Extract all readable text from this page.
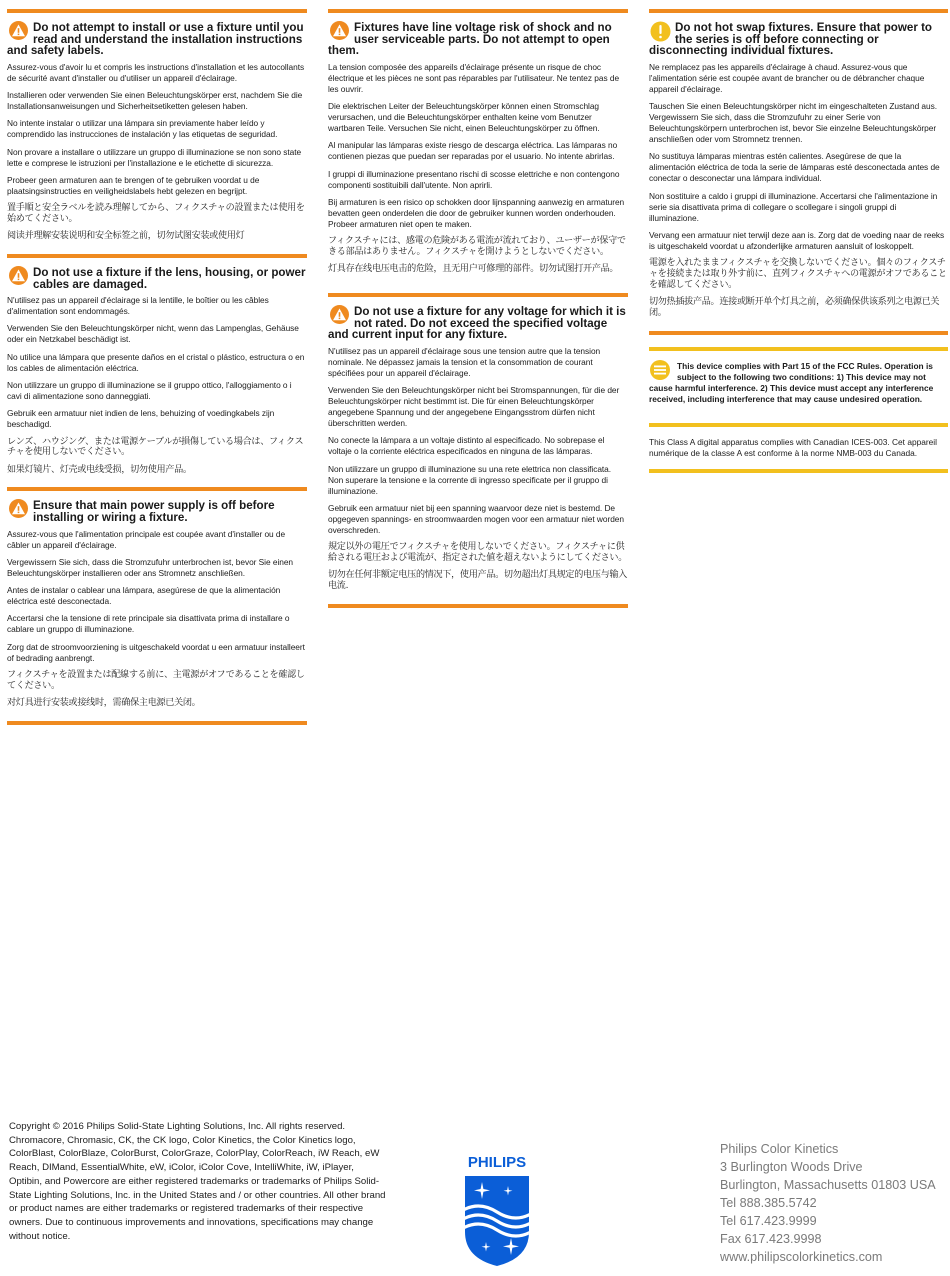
Do not attempt to install or use a fixture until you read and understand the installation instructions and safety labels.
Assurez-vous d'avoir lu et compris les instructions d'installation et les autocollants de sécurité avant d'installer ou d'utiliser un appareil d'éclairage.
Installieren oder verwenden Sie einen Beleuchtungskörper erst, nachdem Sie die Installationsanweisungen und Sicherheitsetiketten gelesen haben.
No intente instalar o utilizar una lámpara sin previamente haber leído y comprendido las instrucciones de instalación y las etiquetas de seguridad.
Non provare a installare o utilizzare un gruppo di illuminazione se non sono state lette e comprese le istruzioni per l'installazione e le etichette di sicurezza.
Probeer geen armaturen aan te brengen of te gebruiken voordat u de plaatsingsinstructies en veiligheidslabels hebt gelezen en begrijpt.
置手順と安全ラベルを読み理解してから、フィクスチャの設置または使用を始めてください。
阅读并理解安装说明和安全标签之前，切勿试图安装或使用灯
Do not use a fixture if the lens, housing, or power cables are damaged.
N'utilisez pas un appareil d'éclairage si la lentille, le boîtier ou les câbles d'alimentation sont endommagés.
Verwenden Sie den Beleuchtungskörper nicht, wenn das Lampenglas, Gehäuse oder ein Netzkabel beschädigt ist.
No utilice una lámpara que presente daños en el cristal o plástico, estructura o en los cables de alimentación eléctrica.
Non utilizzare un gruppo di illuminazione se il gruppo ottico, l'alloggiamento o i cavi di alimentazione sono danneggiati.
Gebruik een armatuur niet indien de lens, behuizing of voedingkabels zijn beschadigd.
レンズ、ハウジング、または電源ケーブルが損傷している場合は、フィクスチャを使用しないでください。
如果灯镜片、灯壳或电线受损，切勿使用产品。
Ensure that main power supply is off before installing or wiring a fixture.
Assurez-vous que l'alimentation principale est coupée avant d'installer ou de câbler un appareil d'éclairage.
Vergewissern Sie sich, dass die Stromzufuhr unterbrochen ist, bevor Sie einen Beleuchtungskörper installieren oder ans Stromnetz anschließen.
Antes de instalar o cablear una lámpara, asegúrese de que la alimentación eléctrica esté desconectada.
Accertarsi che la tensione di rete principale sia disattivata prima di installare o cablare un gruppo di illuminazione.
Zorg dat de stroomvoorziening is uitgeschakeld voordat u een armatuur installeert of bedrading aanbrengt.
フィクスチャを設置または配線する前に、主電源がオフであることを確認してください。
对灯具进行安装或接线时，需确保主电源已关闭。
Fixtures have line voltage risk of shock and no user serviceable parts. Do not attempt to open them.
La tension composée des appareils d'éclairage présente un risque de choc électrique et les pièces ne sont pas réparables par l'utilisateur. Ne tentez pas de les ouvrir.
Die elektrischen Leiter der Beleuchtungskörper können einen Stromschlag verursachen, und die Beleuchtungskörper enthalten keine vom Benutzer wartbaren Teile. Versuchen Sie nicht, einen Beleuchtungskörper zu öffnen.
Al manipular las lámparas existe riesgo de descarga eléctrica. Las lámparas no contienen piezas que puedan ser reparadas por el usuario. No intente abrirlas.
I gruppi di illuminazione presentano rischi di scosse elettriche e non contengono componenti sostituibili dall'utente. Non aprirli.
Bij armaturen is een risico op schokken door lijnspanning aanwezig en armaturen bevatten geen onderdelen die door de gebruiker kunnen worden onderhouden. Probeer armaturen niet open te maken.
フィクスチャには、感電の危険がある電流が流れており、ユーザーが保守できる部品はありません。フィクスチャを開けようとしないでください。
灯具存在线电压电击的危险，且无用户可修理的部件。切勿试图打开产品。
Do not use a fixture for any voltage for which it is not rated. Do not exceed the specified voltage and current input for any fixture.
N'utilisez pas un appareil d'éclairage sous une tension autre que la tension nominale. Ne dépassez jamais la tension et la consommation de courant spécifiées pour un appareil d'éclairage.
Verwenden Sie den Beleuchtungskörper nicht bei Stromspannungen, für die der Beleuchtungskörper nicht bestimmt ist. Die für einen Beleuchtungskörper angegebene Spannung und der angegebene Eingangsstrom dürfen nicht überschritten werden.
No conecte la lámpara a un voltaje distinto al especificado. No sobrepase el voltaje o la corriente eléctrica especificados en ninguna de las lámparas.
Non utilizzare un gruppo di illuminazione su una rete elettrica non classificata. Non superare la tensione e la corrente di ingresso specificate per il gruppo di illuminazione.
Gebruik een armatuur niet bij een spanning waarvoor deze niet is bestemd. De opgegeven spannings- en stroomwaarden mogen voor een armatuur niet worden overschreden.
規定以外の電圧でフィクスチャを使用しないでください。フィクスチャに供給される電圧および電流が、指定された値を超えないようにしてください。
切勿在任何非额定电压的情况下，使用产品。切勿超出灯具规定的电压与输入电流.
Do not hot swap fixtures. Ensure that power to the series is off before connecting or disconnecting individual fixtures.
Ne remplacez pas les appareils d'éclairage à chaud. Assurez-vous que l'alimentation série est coupée avant de brancher ou de débrancher chaque appareil d'éclairage.
Tauschen Sie einen Beleuchtungskörper nicht im eingeschalteten Zustand aus. Vergewissern Sie sich, dass die Stromzufuhr zu einer Serie von Beleuchtungskörpern unterbrochen ist, bevor Sie einzelne Beleuchtungskörper anschließen oder vom Stromnetz trennen.
No sustituya lámparas mientras estén calientes. Asegúrese de que la alimentación eléctrica de toda la serie de lámparas esté desconectada antes de conectar o desconectar una lámpara individual.
Non sostituire a caldo i gruppi di illuminazione. Accertarsi che l'alimentazione in serie sia disattivata prima di collegare o scollegare i singoli gruppi di illuminazione.
Vervang een armatuur niet terwijl deze aan is. Zorg dat de voeding naar de reeks is uitgeschakeld voordat u afzonderlijke armaturen aansluit of loskoppelt.
電源を入れたままフィクスチャを交換しないでください。個々のフィクスチャを接続または取り外す前に、直列フィクスチャへの電源がオフであることを確認してください。
切勿热插拔产品。连接或断开单个灯具之前，必须确保供该系列之电源已关闭。
This device complies with Part 15 of the FCC Rules. Operation is subject to the following two conditions: 1) This device may not cause harmful interference. 2) This device must accept any interference received, including interference that may cause undesired operation.
This Class A digital apparatus complies with Canadian ICES-003. Cet appareil numérique de la classe A est conforme à la norme NMB-003 du Canada.
Copyright © 2016 Philips Solid-State Lighting Solutions, Inc. All rights reserved. Chromacore, Chromasic, CK, the CK logo, Color Kinetics, the Color Kinetics logo, ColorBlast, ColorBlaze, ColorBurst, ColorGraze, ColorPlay, ColorReach, iW Reach, eW Reach, DIMand, EssentialWhite, eW, iColor, iColor Cove, IntelliWhite, iW, iPlayer, Optibin, and Powercore are either registered trademarks or trademarks of Philips Solid-State Lighting Solutions, Inc. in the United States and / or other countries. All other brand or product names are either trademarks or registered trademarks of their respective owners. Due to continuous improvements and innovations, specifications may change without notice.
PHILIPS
Philips Color Kinetics
3 Burlington Woods Drive
Burlington, Massachusetts 01803 USA
Tel 888.385.5742
Tel 617.423.9999
Fax 617.423.9998
www.philipscolorkinetics.com
